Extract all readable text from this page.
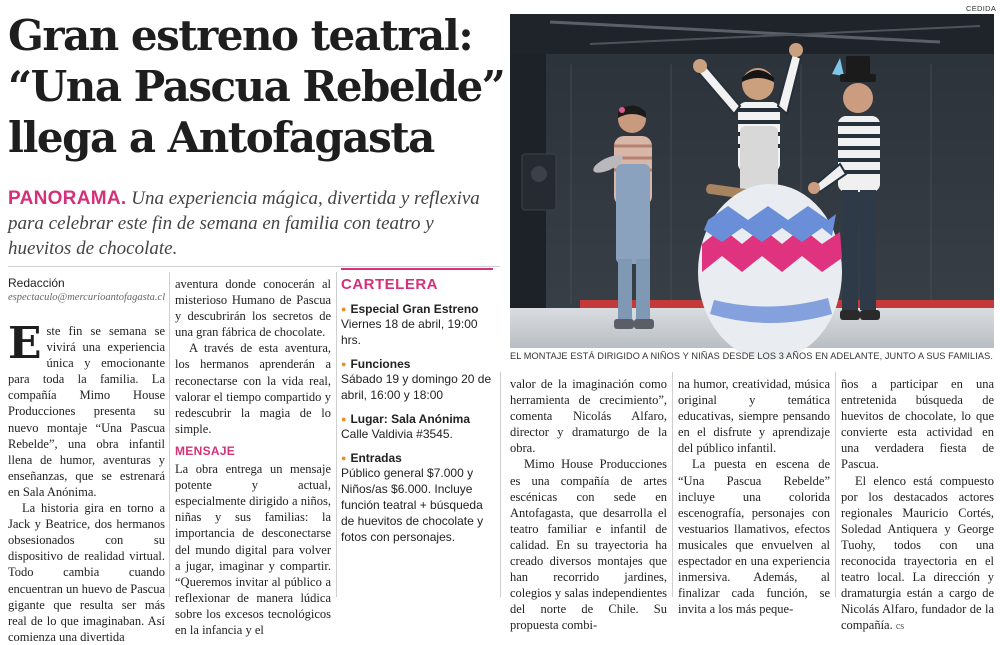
Gran estreno teatral:
“Una Pascua Rebelde”
llega a Antofagasta

PANORAMA. Una experiencia mágica, divertida y reflexiva para celebrar este fin de semana en familia con teatro y huevitos de chocolate.

Redacción
espectaculo@mercurioantofagasta.cl

Este fin se semana se vivirá una experiencia única y emocionante para toda la familia. La compañía Mimo House Producciones presenta su nuevo montaje “Una Pascua Rebelde”, una obra infantil llena de humor, aventuras y enseñanzas, que se estrenará en Sala Anónima.

La historia gira en torno a Jack y Beatrice, dos hermanos obsesionados con su dispositivo de realidad virtual. Todo cambia cuando encuentran un huevo de Pascua gigante que resulta ser más real de lo que imaginaban. Así comienza una divertida

aventura donde conocerán al misterioso Humano de Pascua y descubrirán los secretos de una gran fábrica de chocolate.

A través de esta aventura, los hermanos aprenderán a reconectarse con la vida real, valorar el tiempo compartido y redescubrir la magia de lo simple.

MENSAJE

La obra entrega un mensaje potente y actual, especialmente dirigido a niños, niñas y sus familias: la importancia de desconectarse del mundo digital para volver a jugar, imaginar y compartir. “Queremos invitar al público a reflexionar de manera lúdica sobre los excesos tecnológicos en la infancia y el

CARTELERA
● Especial Gran Estreno
Viernes 18 de abril, 19:00 hrs.
● Funciones
Sábado 19 y domingo 20 de abril, 16:00 y 18:00
● Lugar: Sala Anónima
Calle Valdivia #3545.
● Entradas
Público general $7.000 y Niños/as $6.000. Incluye función teatral + búsqueda de huevitos de chocolate y fotos con personajes.

valor de la imaginación como herramienta de crecimiento”, comenta Nicolás Alfaro, director y dramaturgo de la obra.

Mimo House Producciones es una compañía de artes escénicas con sede en Antofagasta, que desarrolla el teatro familiar e infantil de calidad. En su trayectoria ha creado diversos montajes que han recorrido jardines, colegios y salas independientes del norte de Chile. Su propuesta combi-

na humor, creatividad, música original y temática educativas, siempre pensando en el disfrute y aprendizaje del público infantil.

La puesta en escena de “Una Pascua Rebelde” incluye una colorida escenografía, personajes con vestuarios llamativos, efectos musicales que envuelven al espectador en una experiencia inmersiva. Además, al finalizar cada función, se invita a los más peque-

ños a participar en una entretenida búsqueda de huevitos de chocolate, lo que convierte esta actividad en una verdadera fiesta de Pascua.

El elenco está compuesto por los destacados actores regionales Mauricio Cortés, Soledad Antiquera y George Tuohy, todos con una reconocida trayectoria en el teatro local. La dirección y dramaturgia están a cargo de Nicolás Alfaro, fundador de la compañía. cs

CEDIDA
EL MONTAJE ESTÁ DIRIGIDO A NIÑOS Y NIÑAS DESDE LOS 3 AÑOS EN ADELANTE, JUNTO A SUS FAMILIAS.
